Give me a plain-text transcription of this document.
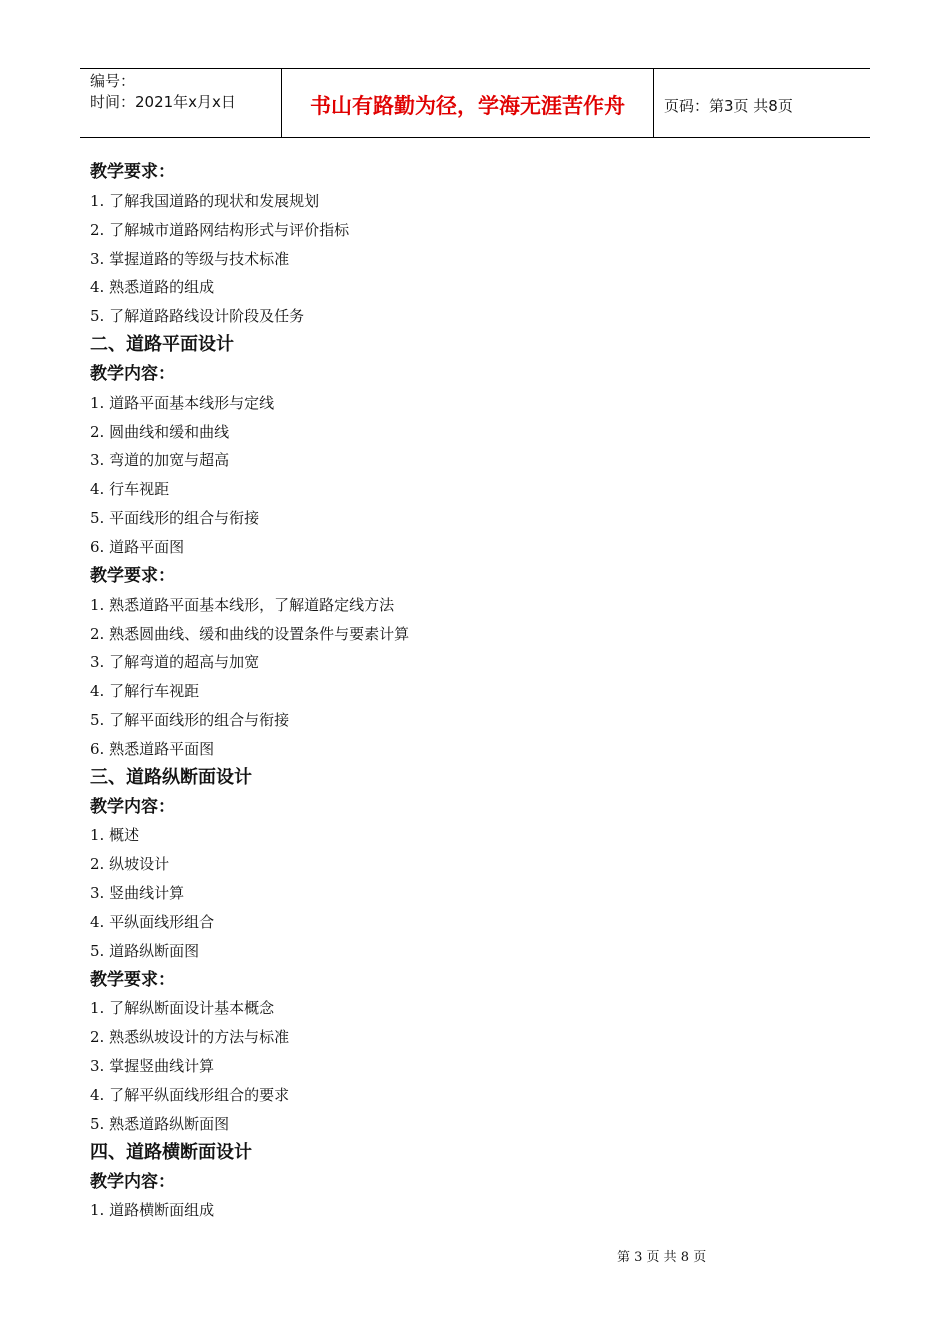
编号：
时间：2021年x月x日	书山有路勤为径，学海无涯苦作舟	页码：第3页 共8页
教学要求：
1. 了解我国道路的现状和发展规划
2. 了解城市道路网结构形式与评价指标
3. 掌握道路的等级与技术标准
4. 熟悉道路的组成
5. 了解道路路线设计阶段及任务
二、道路平面设计
教学内容：
1. 道路平面基本线形与定线
2. 圆曲线和缓和曲线
3. 弯道的加宽与超高
4. 行车视距
5. 平面线形的组合与衔接
6. 道路平面图
教学要求：
1. 熟悉道路平面基本线形，了解道路定线方法
2. 熟悉圆曲线、缓和曲线的设置条件与要素计算
3. 了解弯道的超高与加宽
4. 了解行车视距
5. 了解平面线形的组合与衔接
6. 熟悉道路平面图
三、道路纵断面设计
教学内容：
1. 概述
2. 纵坡设计
3. 竖曲线计算
4. 平纵面线形组合
5. 道路纵断面图
教学要求：
1. 了解纵断面设计基本概念
2. 熟悉纵坡设计的方法与标准
3. 掌握竖曲线计算
4. 了解平纵面线形组合的要求
5. 熟悉道路纵断面图
四、道路横断面设计
教学内容：
1. 道路横断面组成
第 3 页 共 8 页
